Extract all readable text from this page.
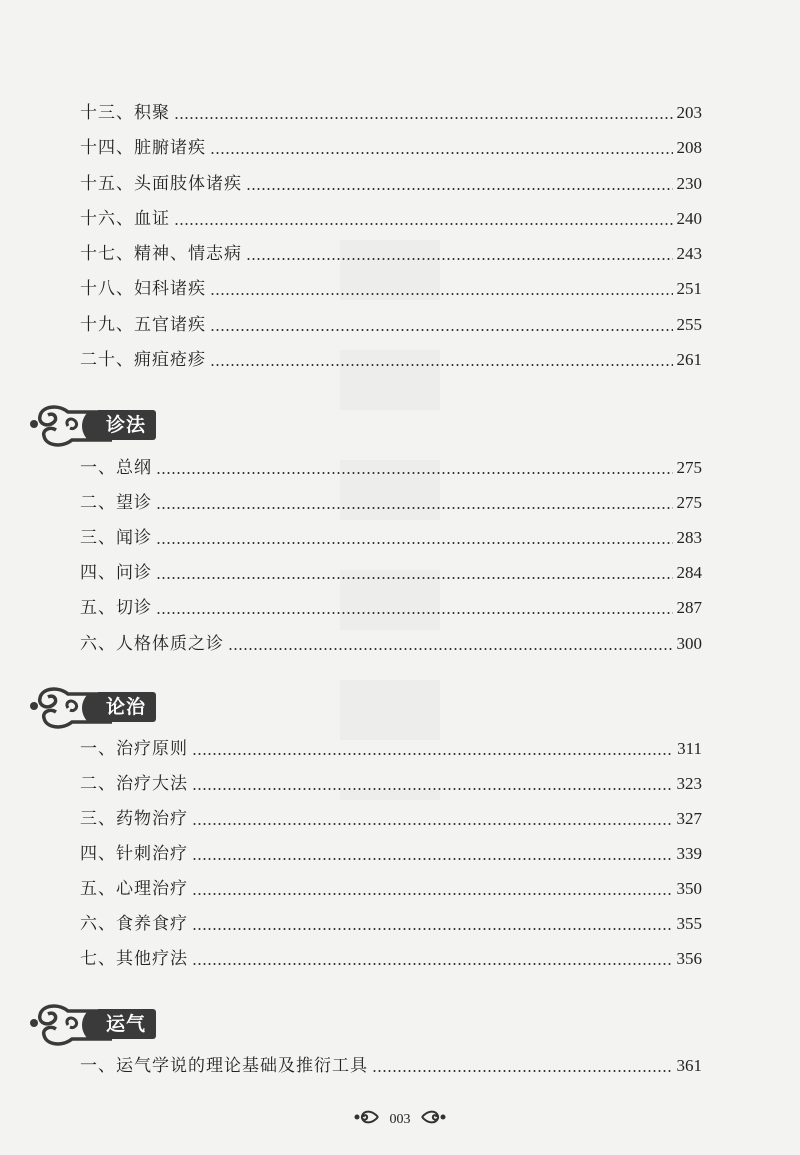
十三、积聚	203
十四、脏腑诸疾	208
十五、头面肢体诸疾	230
十六、血证	240
十七、精神、情志病	243
十八、妇科诸疾	251
十九、五官诸疾	255
二十、痈疽疮疹	261
诊法
一、总纲	275
二、望诊	275
三、闻诊	283
四、问诊	284
五、切诊	287
六、人格体质之诊	300
论治
一、治疗原则	311
二、治疗大法	323
三、药物治疗	327
四、针刺治疗	339
五、心理治疗	350
六、食养食疗	355
七、其他疗法	356
运气
一、运气学说的理论基础及推衍工具	361
003
